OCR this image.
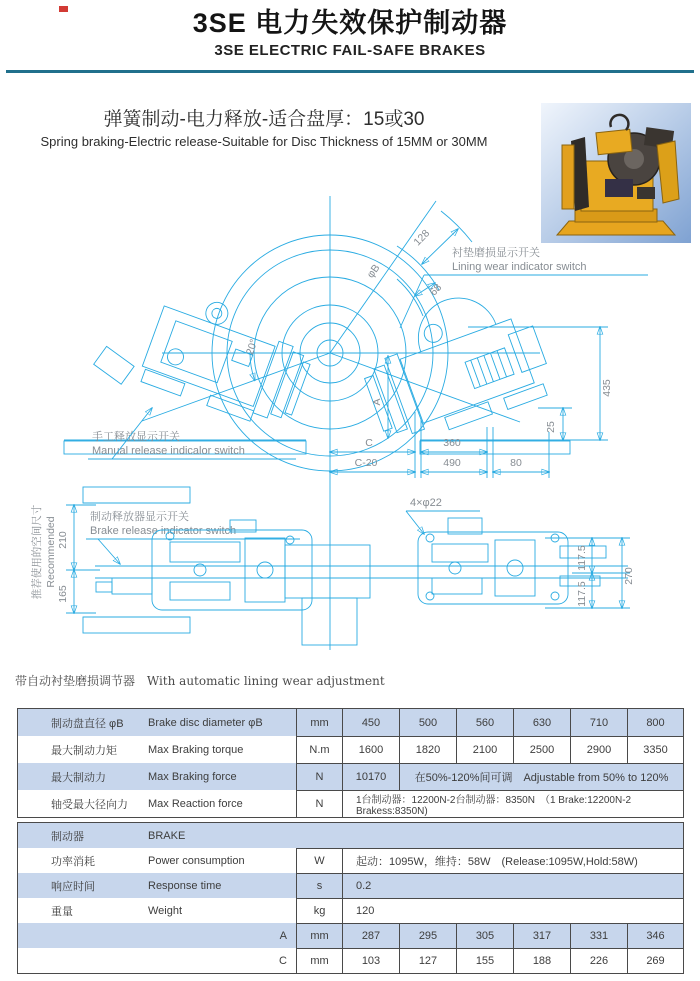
3SE 电力失效保护制动器
3SE ELECTRIC FAIL-SAFE BRAKES
弹簧制动-电力释放-适合盘厚：15或30
Spring braking-Electric release-Suitable for Disc Thickness of 15MM or 30MM
20°
φB
128
68
A
435
25
C	360
C-20	490	80
衬垫磨损显示开关
Lining wear indicator switch
手工释放显示开关
Manual release indicalor switch
210
165
推荐使用的空间尺寸 Recommended	制动释放器显示开关
Brake release indicator switch
4×φ22
117.5
117.5
270
带自动衬垫磨损调节器 With automatic lining wear adjustment
制动盘直径 φB	Brake disc diameter φB	mm	450	500	560	630	710	800
最大制动力矩	Max Braking torque	N.m	1600	1820	2100	2500	2900	3350
最大制动力	Max Braking force	N	10170	在50%-120%间可调　Adjustable from 50% to 120%
轴受最大径向力	Max Reaction force	N	1台制动器：12200N-2台制动器：8350N　（1 Brake:12200N-2 Brakess:8350N)
制动器	BRAKE
功率消耗	Power consumption	W	起动：1095W，维持：58W　(Release:1095W,Hold:58W)
响应时间	Response time	s	0.2
重量	Weight	kg	120
A	mm	287	295	305	317	331	346
C	mm	103	127	155	188	226	269
